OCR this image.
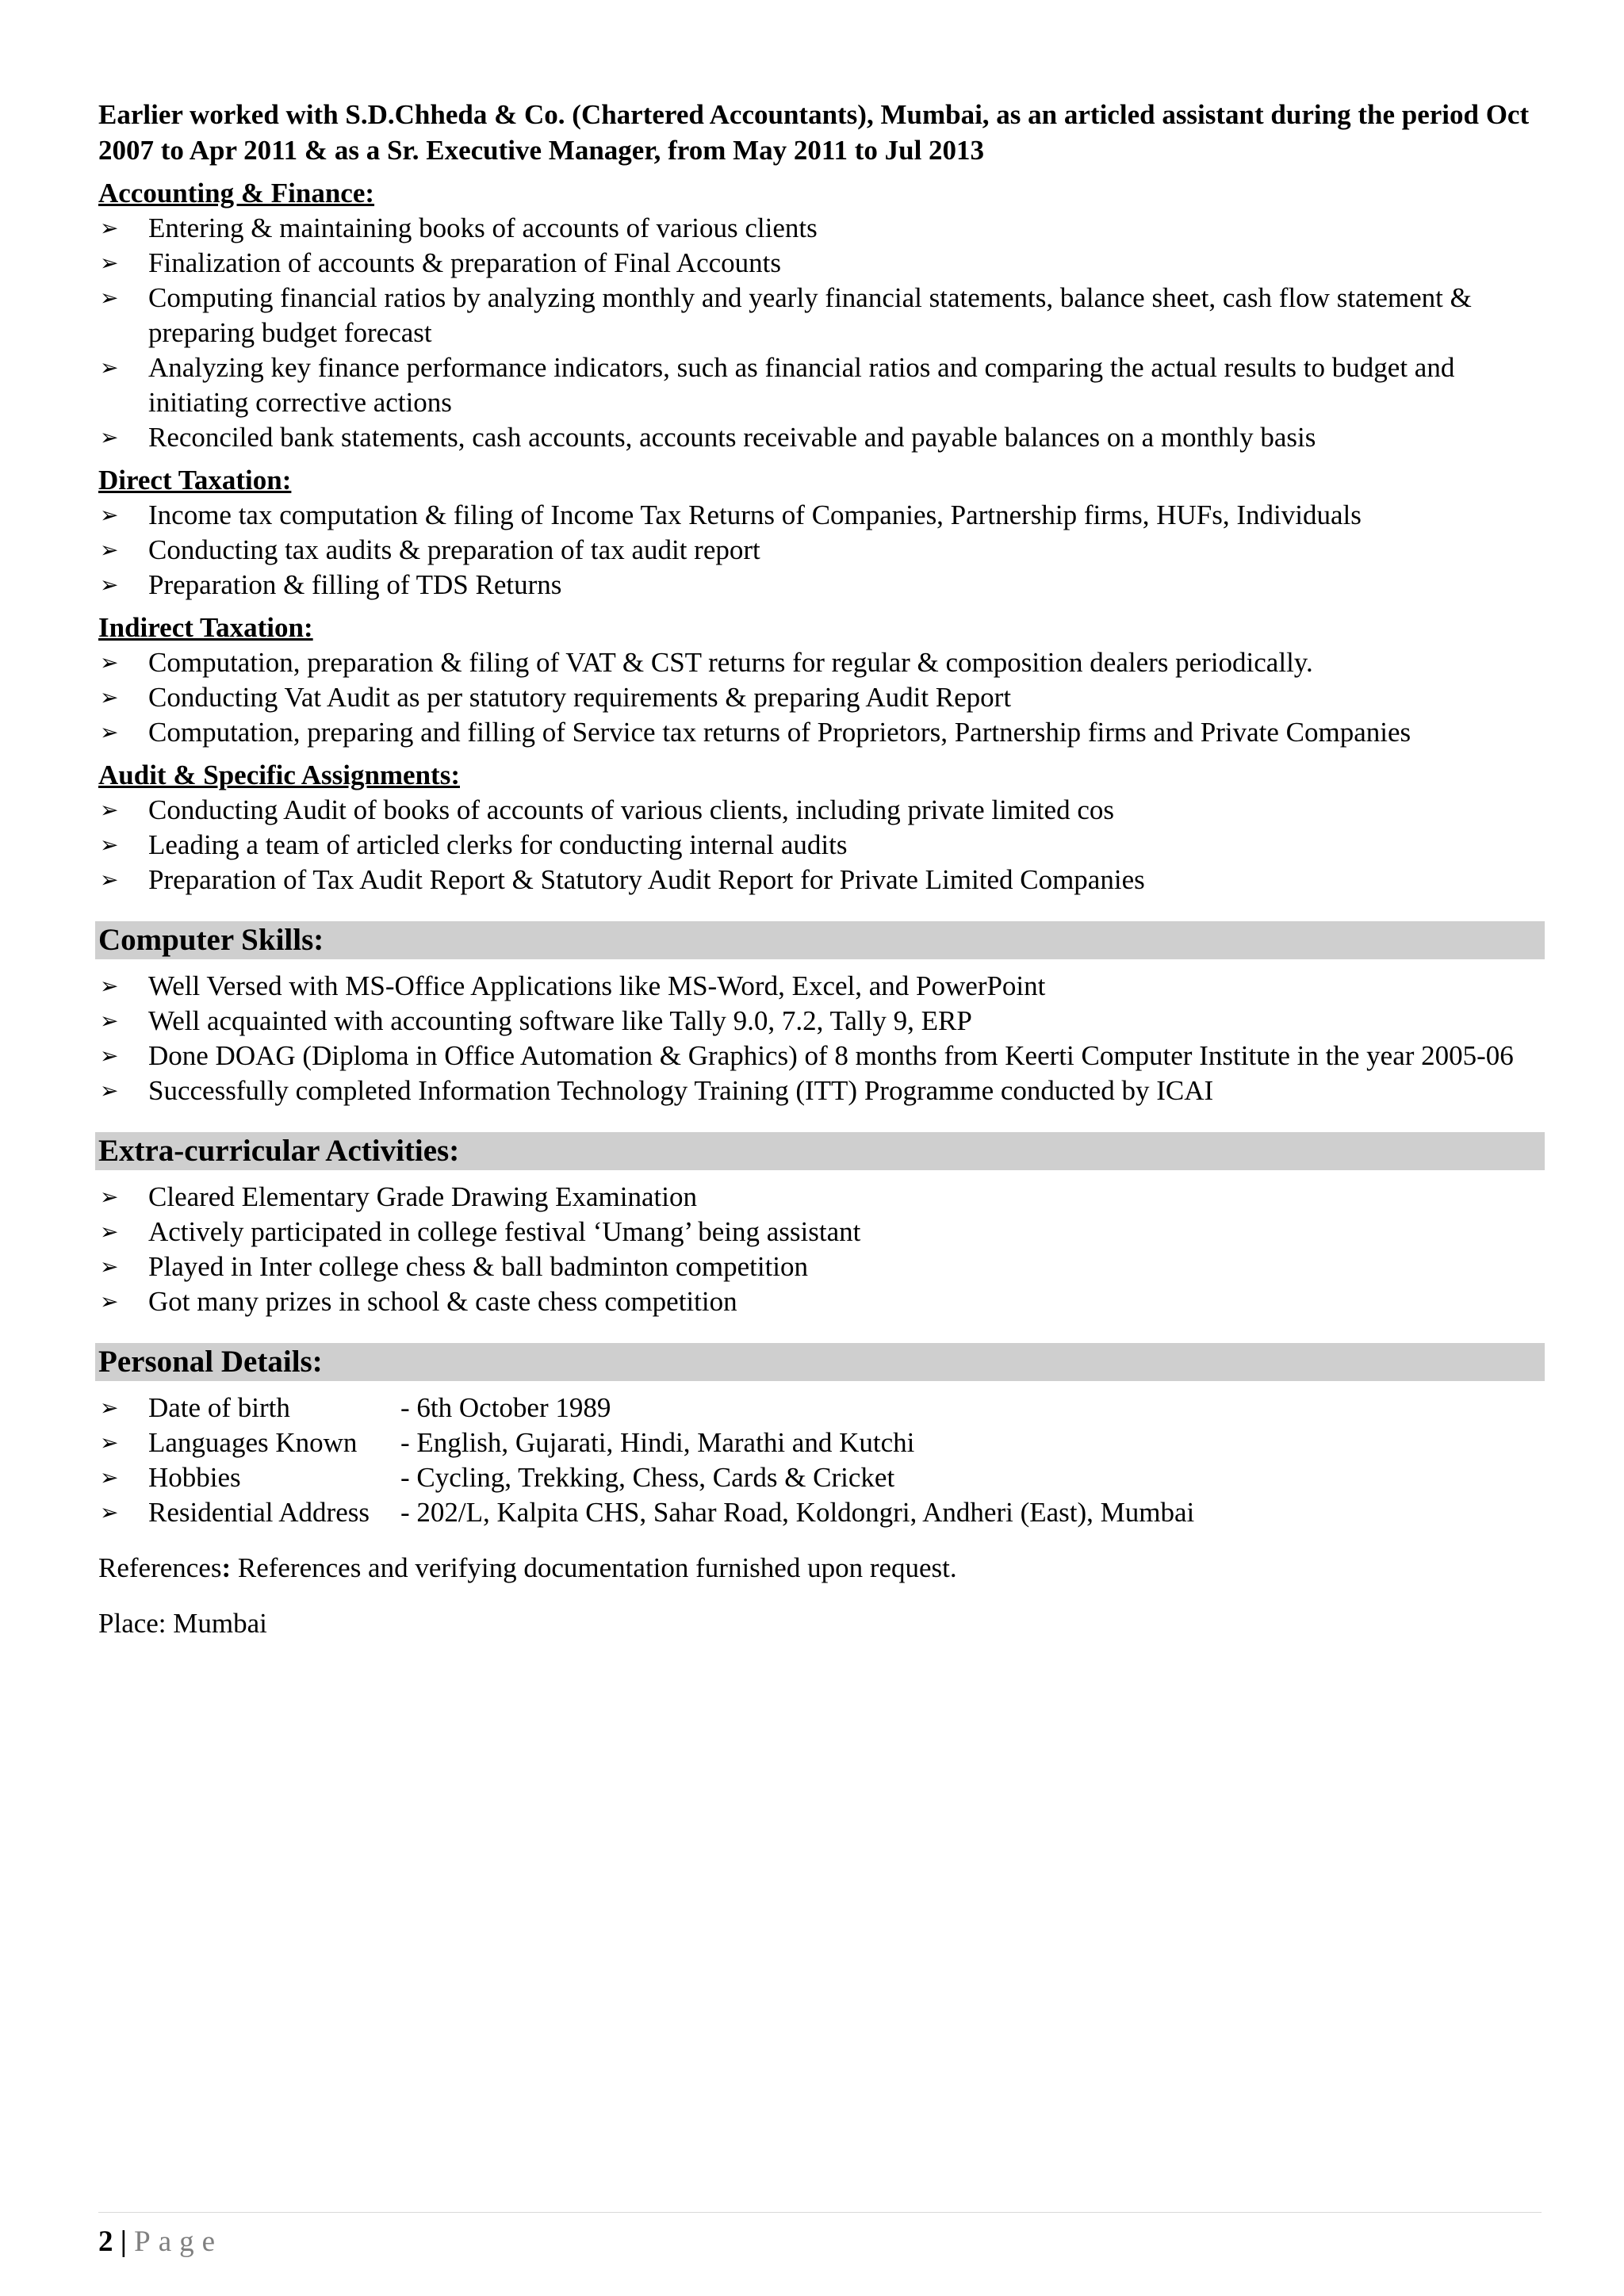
Earlier worked with S.D.Chheda & Co. (Chartered Accountants), Mumbai, as an articled assistant during the period Oct 2007 to Apr 2011 & as a Sr. Executive Manager, from May 2011 to Jul 2013

Accounting & Finance:
➢ Entering & maintaining books of accounts of various clients
➢ Finalization of accounts & preparation of Final Accounts
➢ Computing financial ratios by analyzing monthly and yearly financial statements, balance sheet, cash flow statement & preparing budget forecast
➢ Analyzing key finance performance indicators, such as financial ratios and comparing the actual results to budget and initiating corrective actions
➢ Reconciled bank statements, cash accounts, accounts receivable and payable balances on a monthly basis
Direct Taxation:
➢ Income tax computation & filing of Income Tax Returns of Companies, Partnership firms, HUFs, Individuals
➢ Conducting tax audits & preparation of tax audit report
➢ Preparation & filling of TDS Returns
Indirect Taxation:
➢ Computation, preparation & filing of VAT & CST returns for regular & composition dealers periodically.
➢ Conducting Vat Audit as per statutory requirements & preparing Audit Report
➢ Computation, preparing and filling of Service tax returns of Proprietors, Partnership firms and Private Companies
Audit & Specific Assignments:
➢ Conducting Audit of books of accounts of various clients, including private limited cos
➢ Leading a team of articled clerks for conducting internal audits
➢ Preparation of Tax Audit Report & Statutory Audit Report for Private Limited Companies
Computer Skills:
➢ Well Versed with MS-Office Applications like MS-Word, Excel, and PowerPoint
➢ Well acquainted with accounting software like Tally 9.0, 7.2, Tally 9, ERP
➢ Done DOAG (Diploma in Office Automation & Graphics) of 8 months from Keerti Computer Institute in the year 2005-06
➢ Successfully completed Information Technology Training (ITT) Programme conducted by ICAI
Extra-curricular Activities:
➢ Cleared Elementary Grade Drawing Examination
➢ Actively participated in college festival ‘Umang’ being assistant
➢ Played in Inter college chess & ball badminton competition
➢ Got many prizes in school & caste chess competition
Personal Details:
➢ Date of birth	- 6th October 1989
➢ Languages Known - English, Gujarati, Hindi, Marathi and Kutchi
➢ Hobbies	- Cycling, Trekking, Chess, Cards & Cricket
➢ Residential Address - 202/L, Kalpita CHS, Sahar Road, Koldongri, Andheri (East), Mumbai

References: References and verifying documentation furnished upon request.

Place: Mumbai

2 | Page
